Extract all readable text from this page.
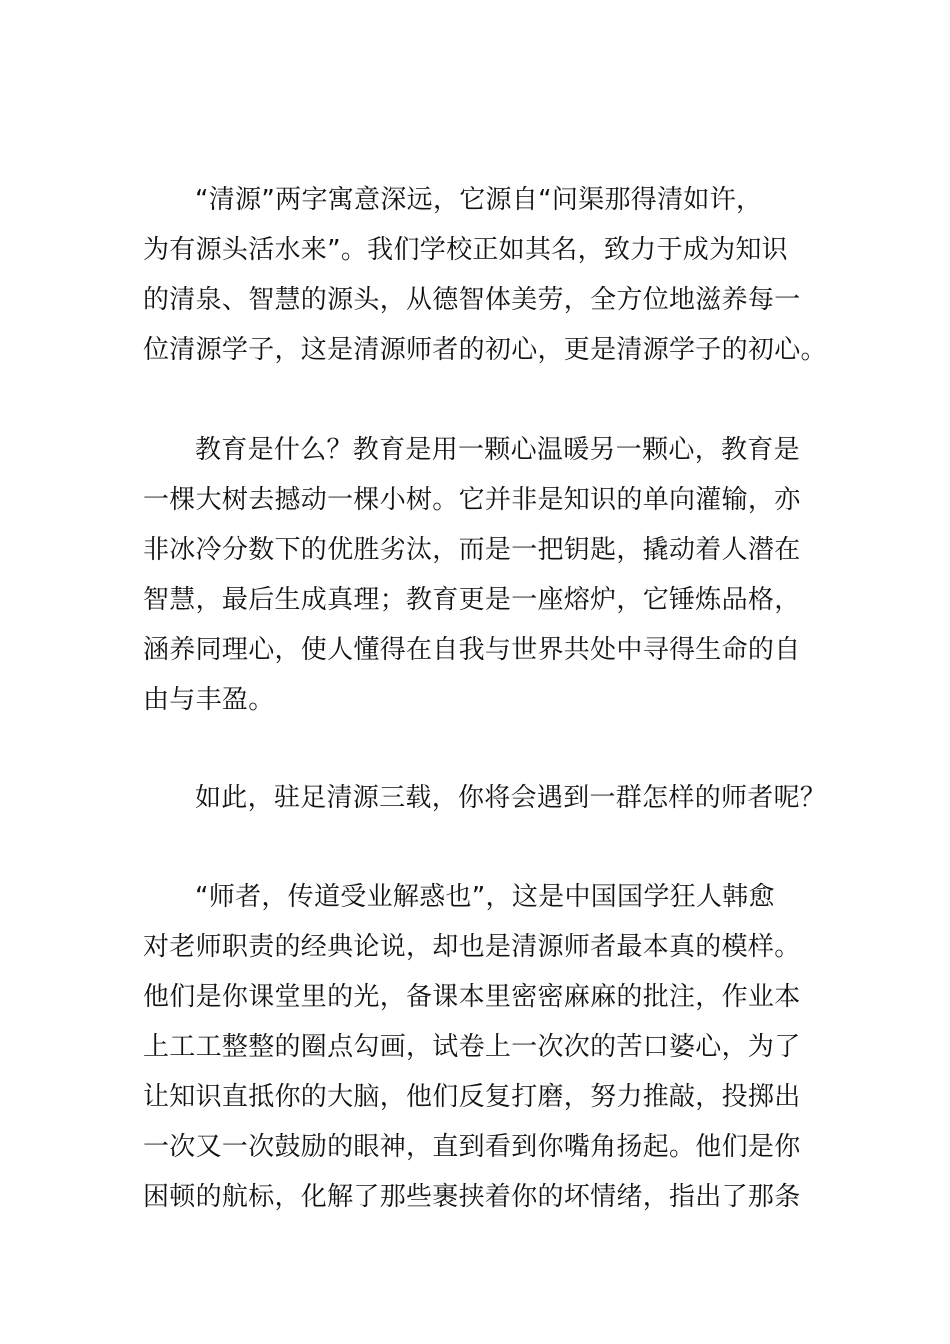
“清源”两字寓意深远，它源自“问渠那得清如许，
为有源头活水来”。我们学校正如其名，致力于成为知识
的清泉、智慧的源头，从德智体美劳，全方位地滋养每一
位清源学子，这是清源师者的初心，更是清源学子的初心。
教育是什么？教育是用一颗心温暖另一颗心，教育是
一棵大树去撼动一棵小树。它并非是知识的单向灌输，亦
非冰冷分数下的优胜劣汰，而是一把钥匙，撬动着人潜在
智慧，最后生成真理；教育更是一座熔炉，它锤炼品格，
涵养同理心，使人懂得在自我与世界共处中寻得生命的自
由与丰盈。
如此，驻足清源三载，你将会遇到一群怎样的师者呢？
“师者，传道受业解惑也”，这是中国国学狂人韩愈
对老师职责的经典论说，却也是清源师者最本真的模样。
他们是你课堂里的光，备课本里密密麻麻的批注，作业本
上工工整整的圈点勾画，试卷上一次次的苦口婆心，为了
让知识直抵你的大脑，他们反复打磨，努力推敲，投掷出
一次又一次鼓励的眼神，直到看到你嘴角扬起。他们是你
困顿的航标，化解了那些裹挟着你的坏情绪，指出了那条
